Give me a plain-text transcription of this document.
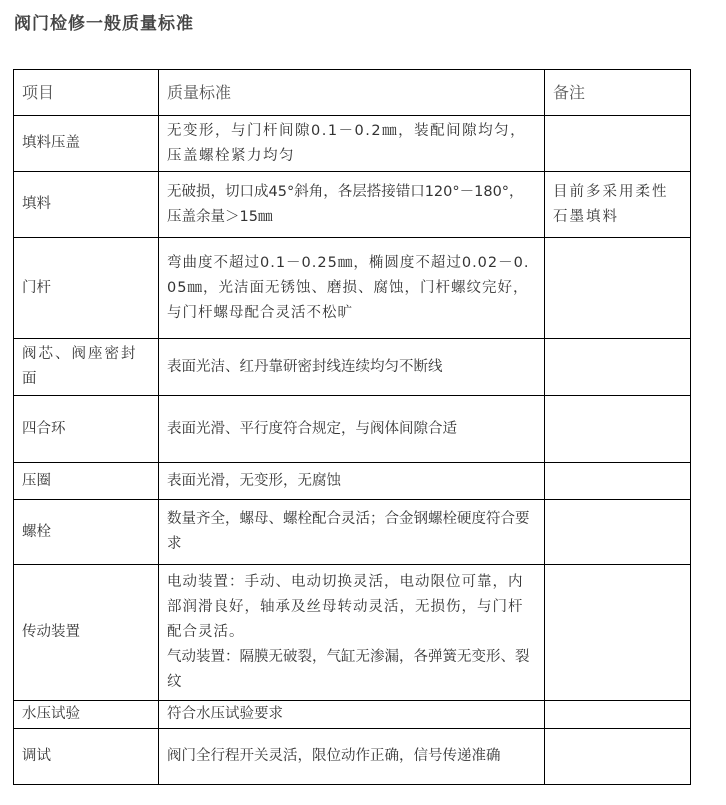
阀门检修一般质量标准
项目	质量标准	备注
填料压盖	无变形，与门杆间隙0.1－0.2㎜，装配间隙均匀，压盖螺栓紧力均匀	
填料	无破损，切口成45°斜角，各层搭接错口120°－180°，压盖余量＞15㎜	目前多采用柔性石墨填料
门杆	弯曲度不超过0.1－0.25㎜，椭圆度不超过0.02－0.05㎜，光洁面无锈蚀、磨损、腐蚀，门杆螺纹完好，与门杆螺母配合灵活不松旷	
阀芯、阀座密封面	表面光洁、红丹靠研密封线连续均匀不断线	
四合环	表面光滑、平行度符合规定，与阀体间隙合适	
压圈	表面光滑，无变形，无腐蚀	
螺栓	数量齐全，螺母、螺栓配合灵活；合金钢螺栓硬度符合要求	
传动装置	电动装置：手动、电动切换灵活，电动限位可靠，内部润滑良好，轴承及丝母转动灵活，无损伤，与门杆配合灵活。
气动装置：隔膜无破裂，气缸无渗漏，各弹簧无变形、裂纹	

水压试验	符合水压试验要求	
调试	阀门全行程开关灵活，限位动作正确，信号传递准确	
